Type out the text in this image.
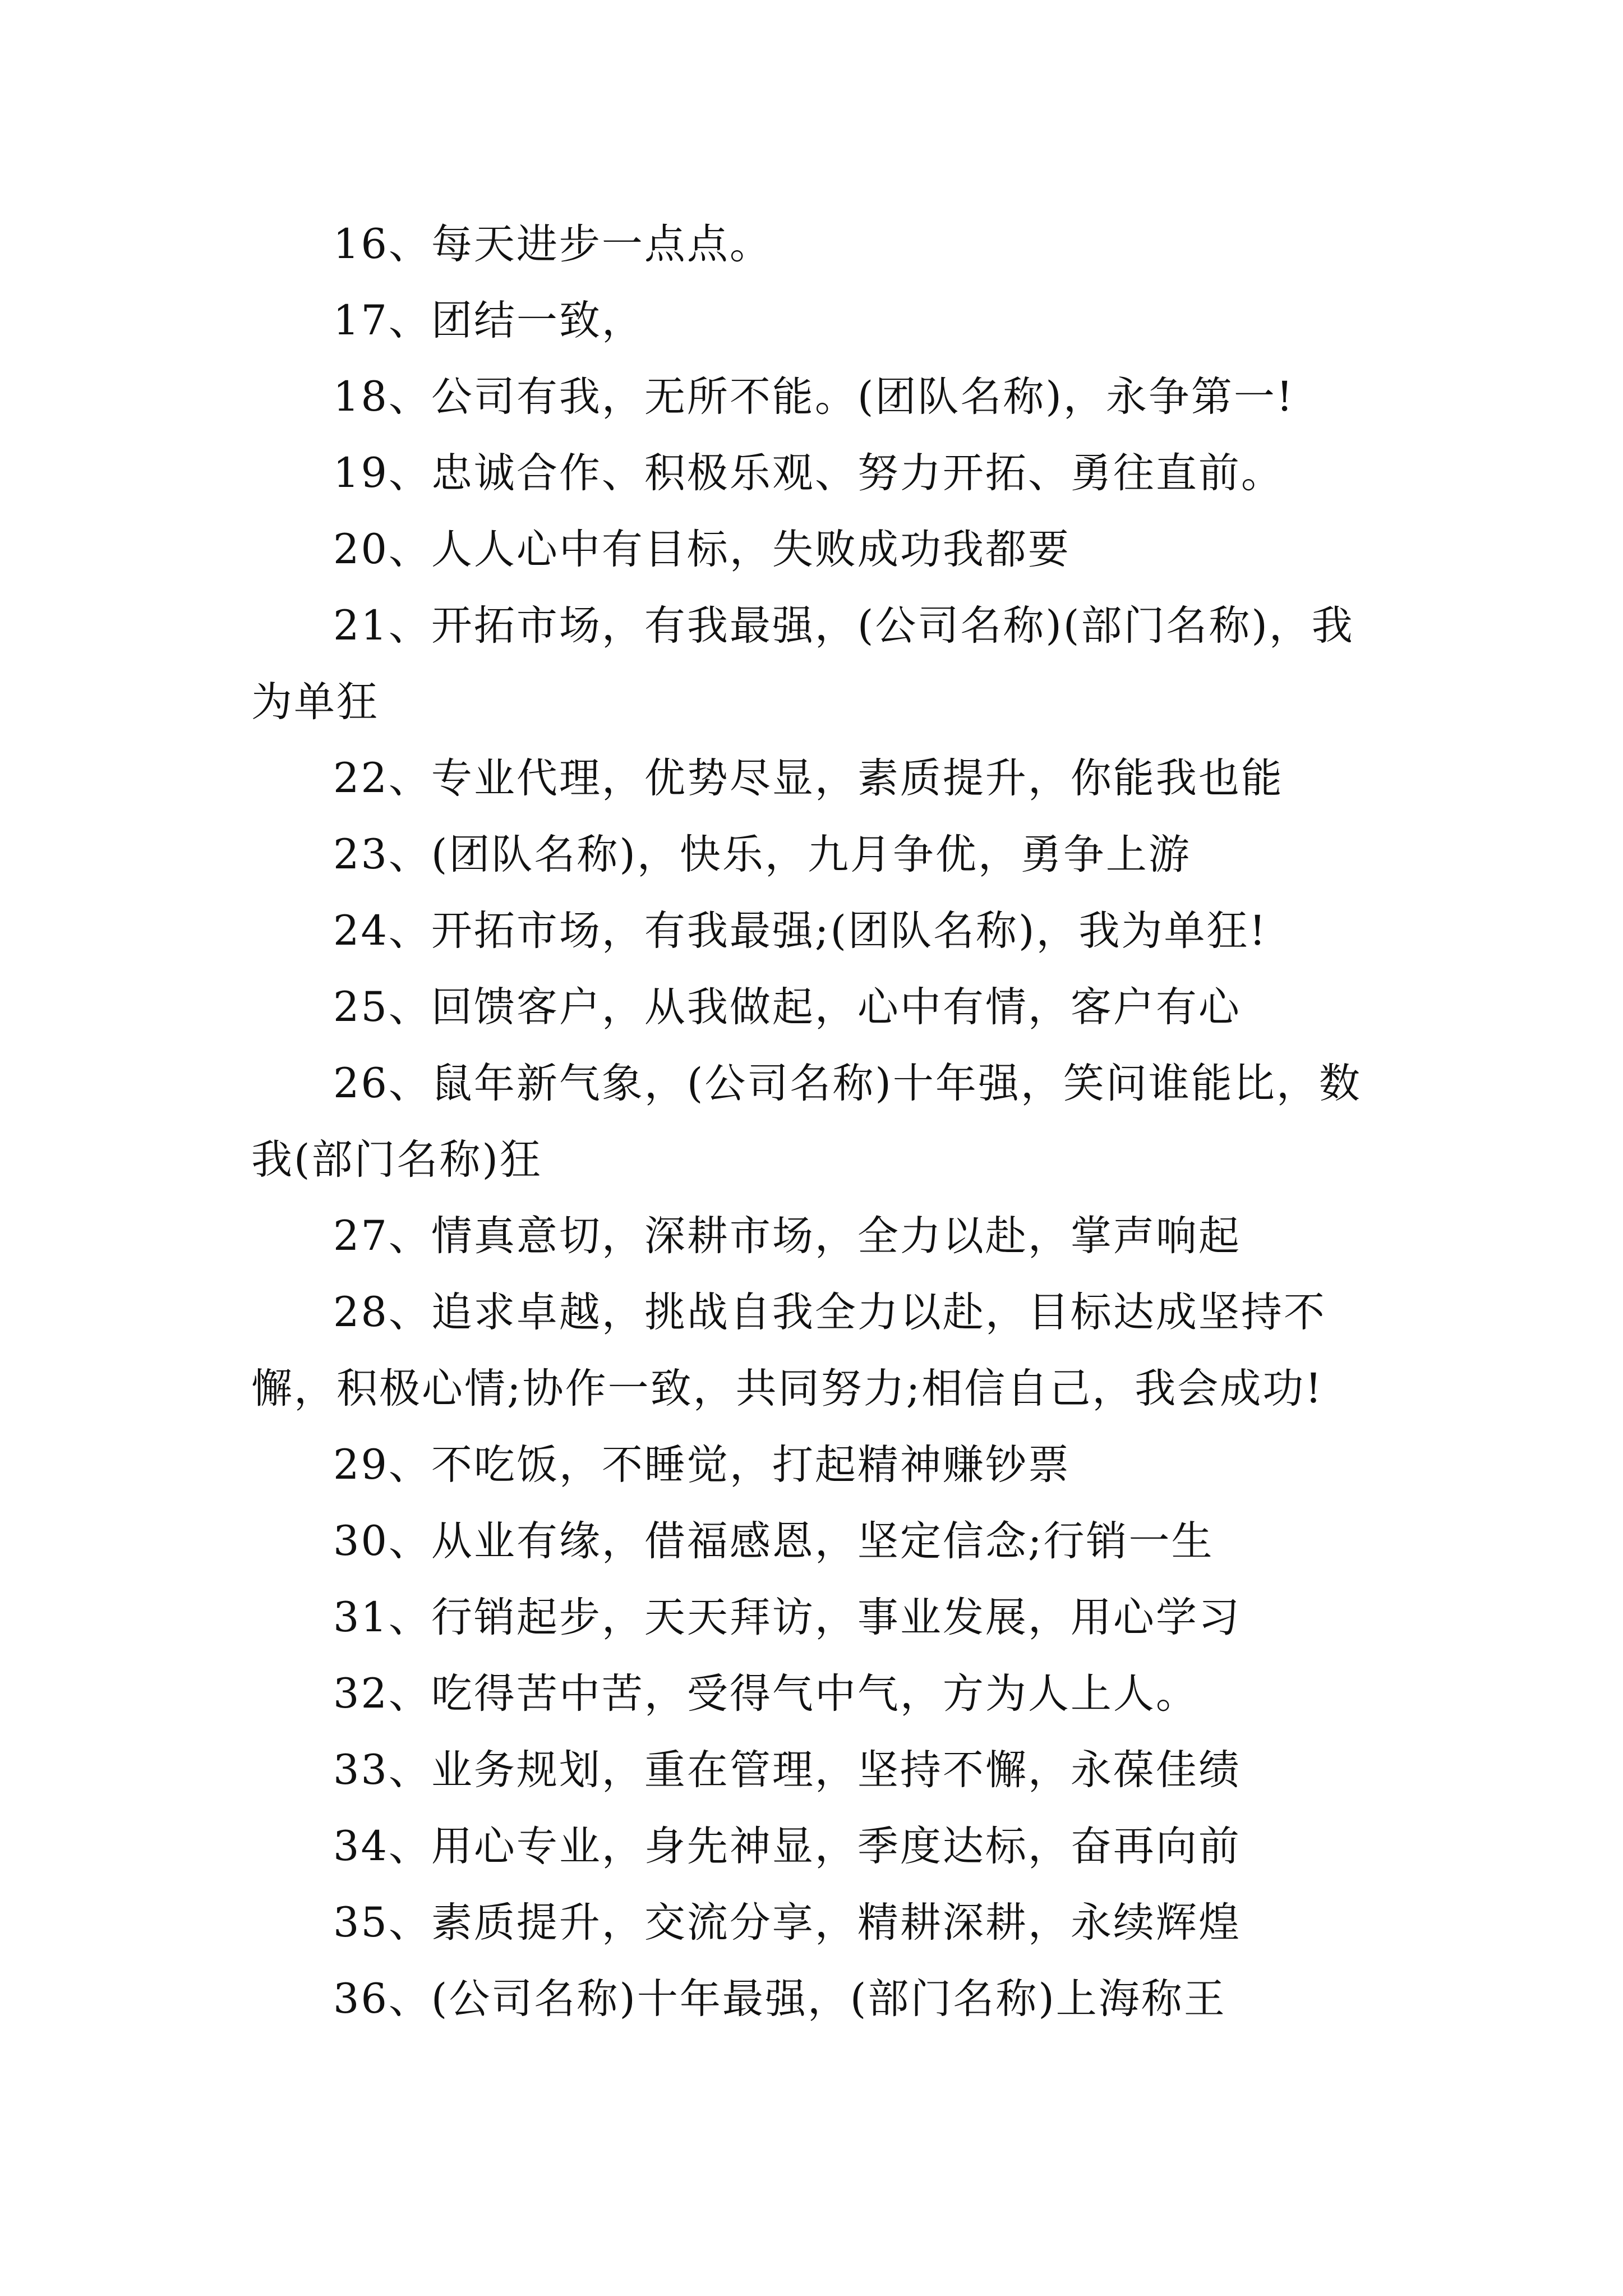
16、每天进步一点点。

17、团结一致，

18、公司有我，无所不能。(团队名称)，永争第一!

19、忠诚合作、积极乐观、努力开拓、勇往直前。

20、人人心中有目标，失败成功我都要

21、开拓市场，有我最强，(公司名称)(部门名称)，我为单狂

22、专业代理，优势尽显，素质提升，你能我也能

23、(团队名称)，快乐，九月争优，勇争上游

24、开拓市场，有我最强;(团队名称)，我为单狂!

25、回馈客户，从我做起，心中有情，客户有心

26、鼠年新气象，(公司名称)十年强，笑问谁能比，数我(部门名称)狂

27、情真意切，深耕市场，全力以赴，掌声响起

28、追求卓越，挑战自我全力以赴，目标达成坚持不懈，积极心情;协作一致，共同努力;相信自己，我会成功!

29、不吃饭，不睡觉，打起精神赚钞票

30、从业有缘，借福感恩，坚定信念;行销一生

31、行销起步，天天拜访，事业发展，用心学习

32、吃得苦中苦，受得气中气，方为人上人。

33、业务规划，重在管理，坚持不懈，永葆佳绩

34、用心专业，身先神显，季度达标，奋再向前

35、素质提升，交流分享，精耕深耕，永续辉煌

36、(公司名称)十年最强，(部门名称)上海称王
